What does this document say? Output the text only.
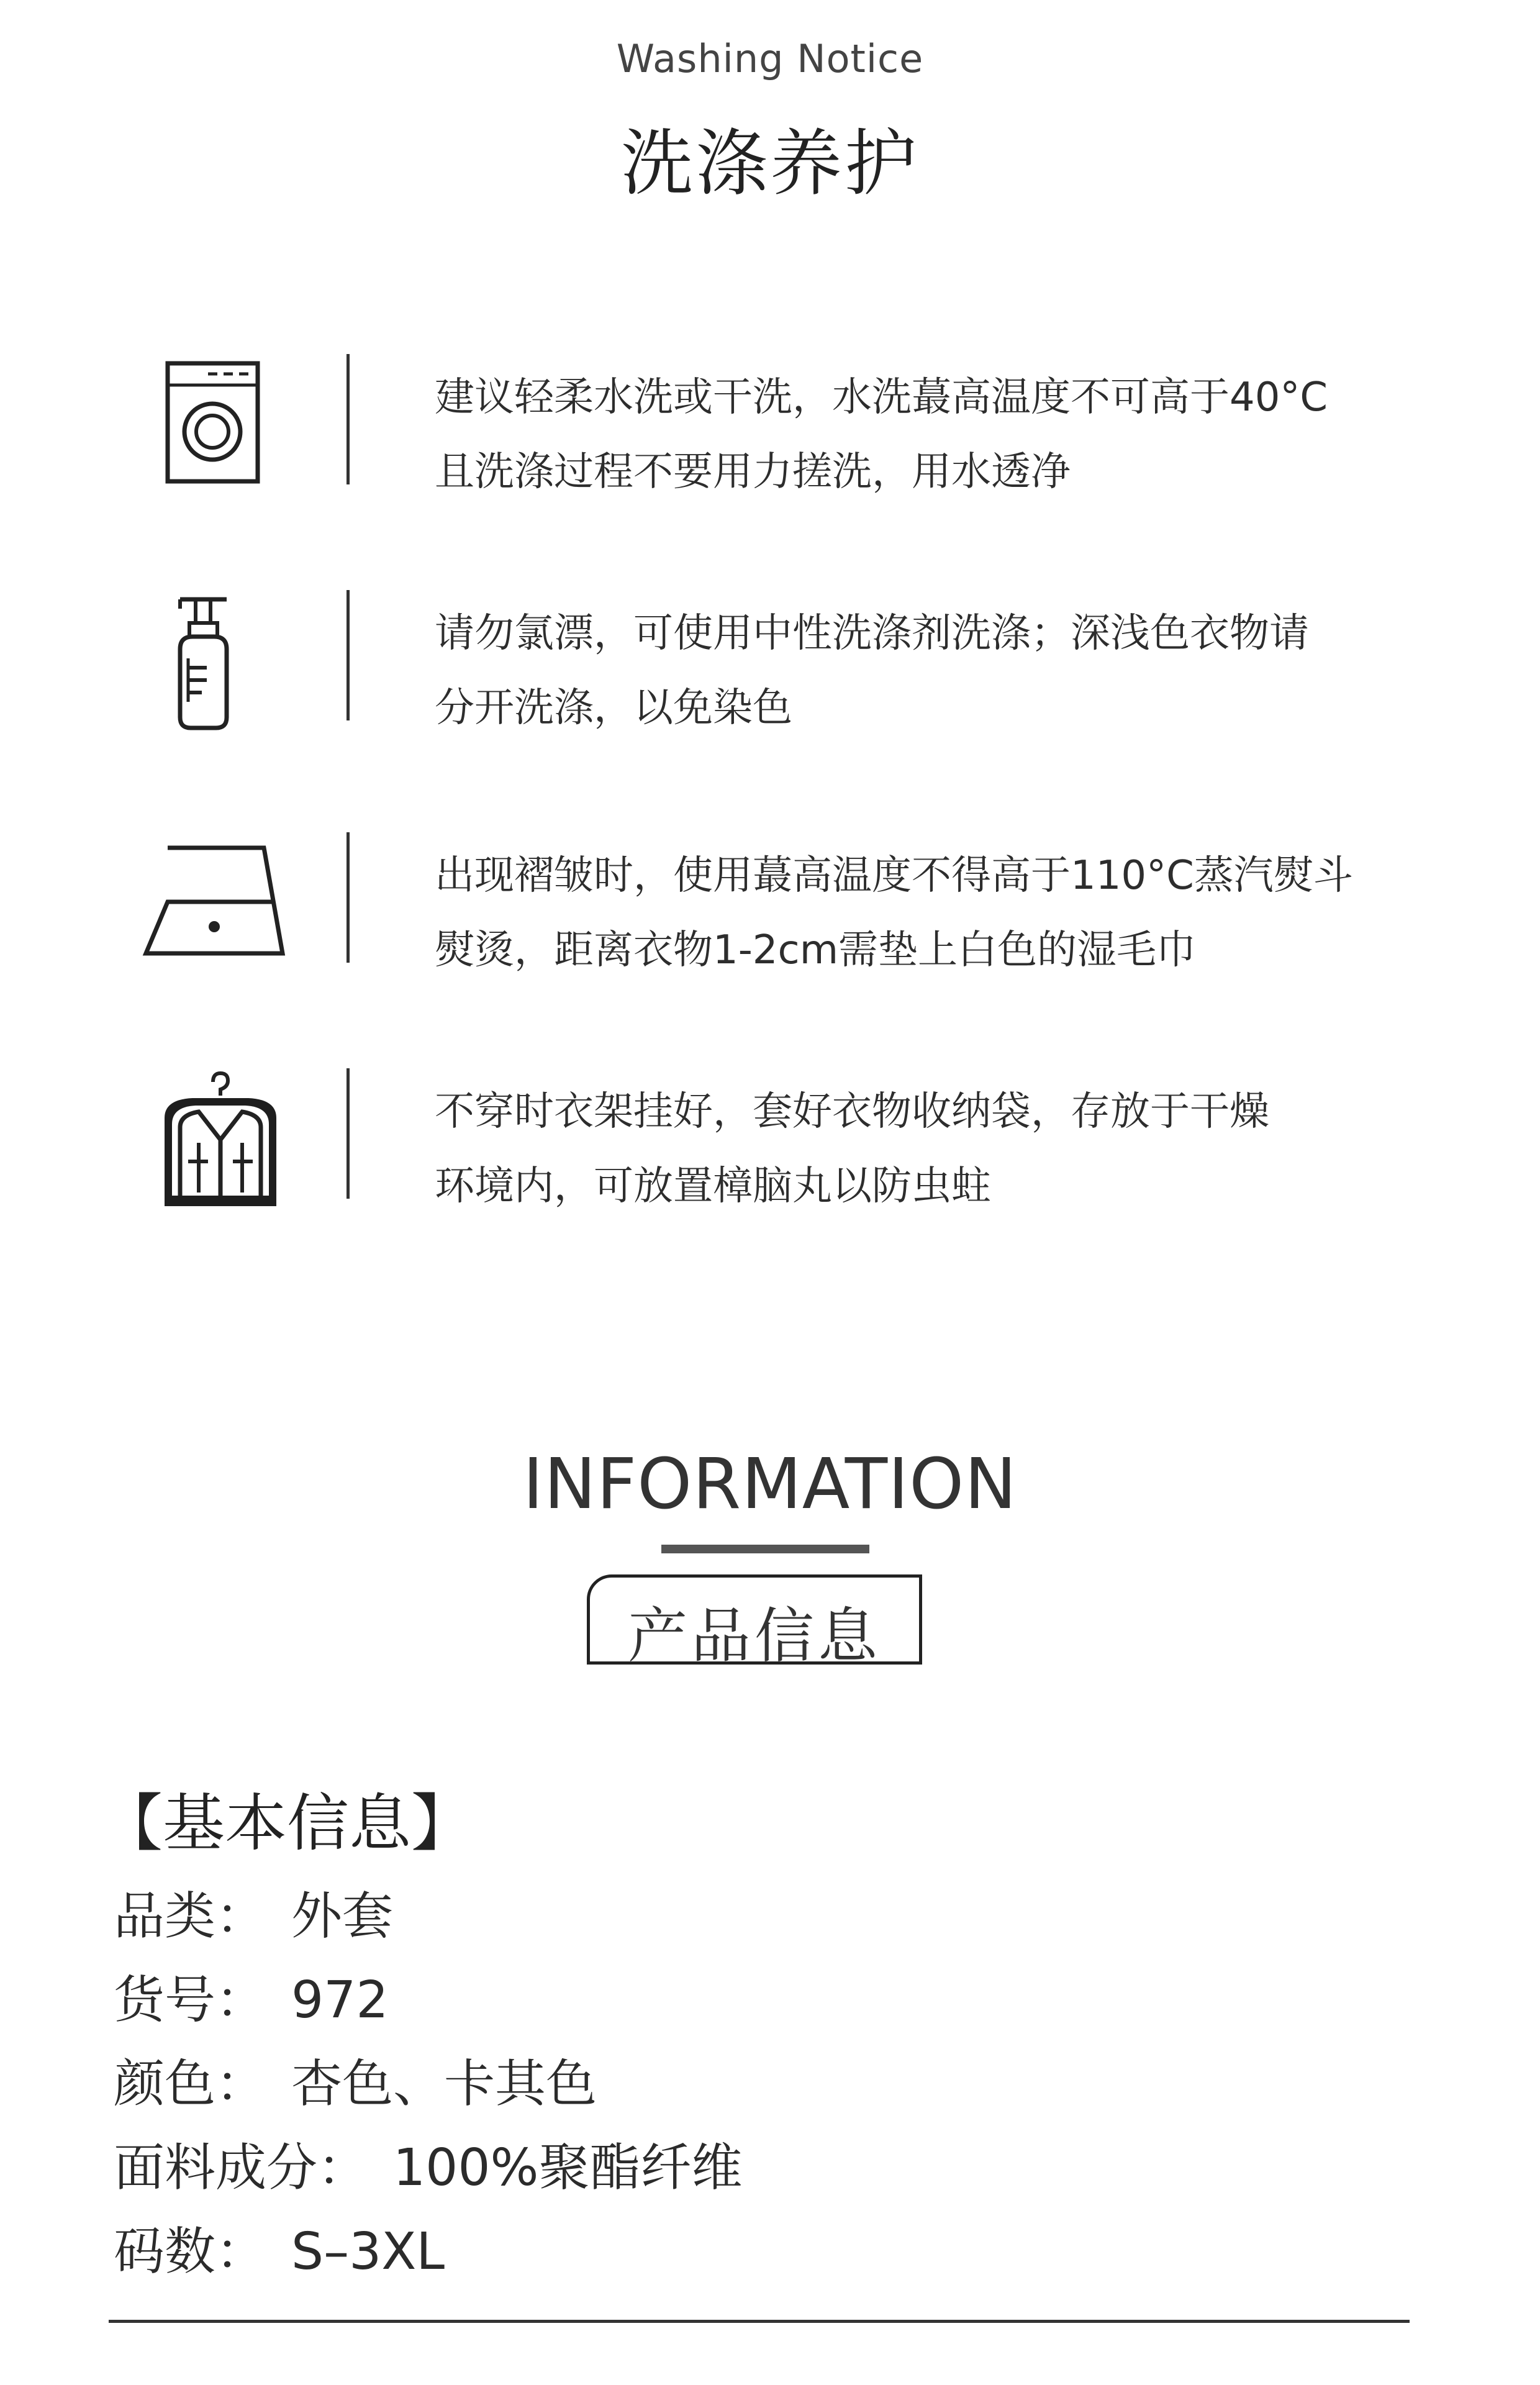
Washing Notice
洗涤养护
建议轻柔水洗或干洗，水洗蕞高温度不可高于40°C
且洗涤过程不要用力搓洗，用水透净
请勿氯漂，可使用中性洗涤剂洗涤；深浅色衣物请
分开洗涤，以免染色
出现褶皱时，使用蕞高温度不得高于110°C蒸汽熨斗
熨烫，距离衣物1-2cm需垫上白色的湿毛巾
不穿时衣架挂好，套好衣物收纳袋，存放于干燥
环境内，可放置樟脑丸以防虫蛀
INFORMATION
产品信息
【基本信息】
品类： 外套
货号： 972
颜色： 杏色、卡其色
面料成分： 100%聚酯纤维
码数： S–3XL
